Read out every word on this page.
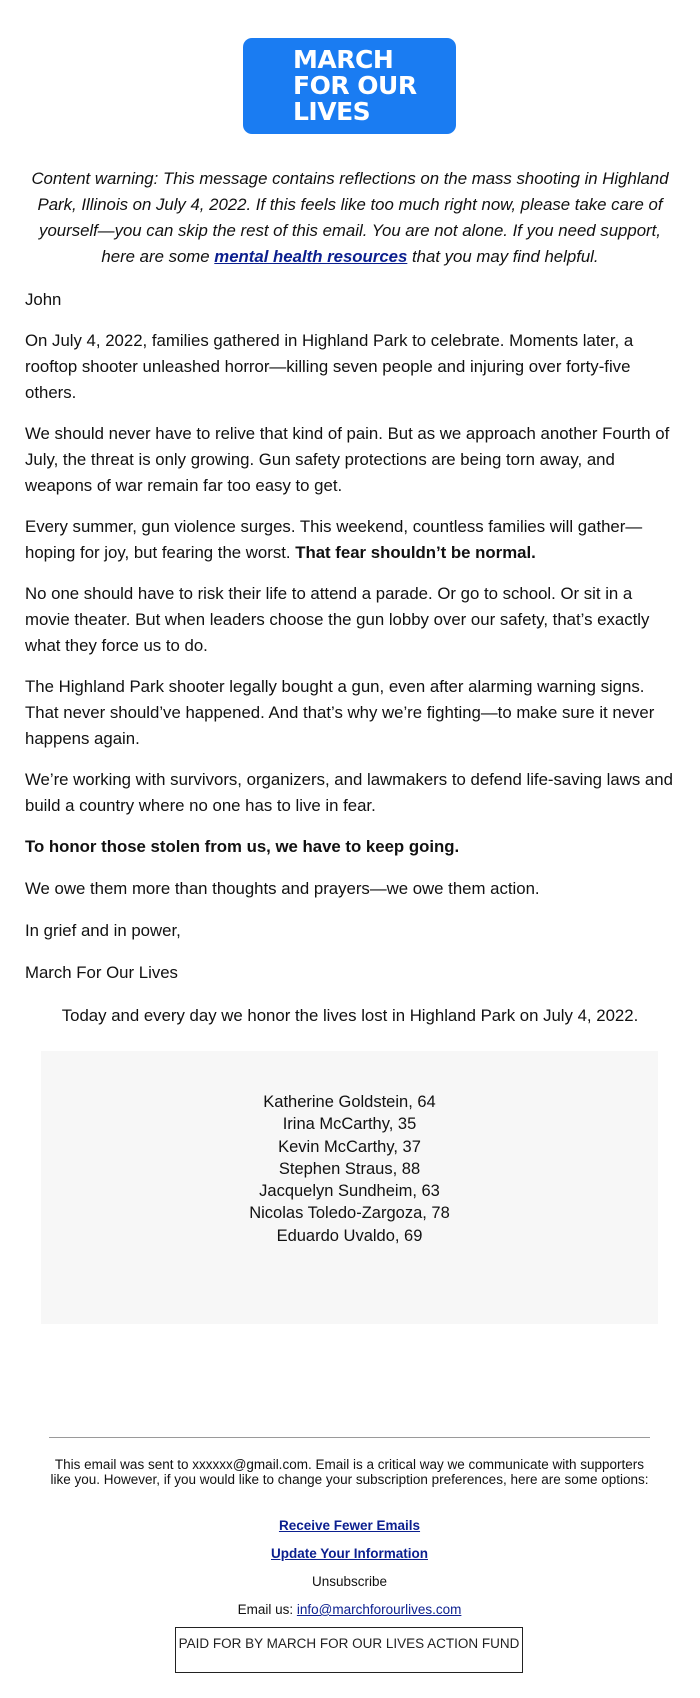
MARCH
FOR OUR
LIVES
Content warning: This message contains reflections on the mass shooting in Highland Park, Illinois on July 4, 2022. If this feels like too much right now, please take care of yourself—you can skip the rest of this email. You are not alone. If you need support, here are some mental health resources that you may find helpful.
John
On July 4, 2022, families gathered in Highland Park to celebrate. Moments later, a rooftop shooter unleashed horror—killing seven people and injuring over forty-five others.
We should never have to relive that kind of pain. But as we approach another Fourth of July, the threat is only growing. Gun safety protections are being torn away, and weapons of war remain far too easy to get.
Every summer, gun violence surges. This weekend, countless families will gather—hoping for joy, but fearing the worst. That fear shouldn’t be normal.
No one should have to risk their life to attend a parade. Or go to school. Or sit in a movie theater. But when leaders choose the gun lobby over our safety, that’s exactly what they force us to do.
The Highland Park shooter legally bought a gun, even after alarming warning signs. That never should’ve happened. And that’s why we’re fighting—to make sure it never happens again.
We’re working with survivors, organizers, and lawmakers to defend life-saving laws and build a country where no one has to live in fear.
To honor those stolen from us, we have to keep going.
We owe them more than thoughts and prayers—we owe them action.
In grief and in power,
March For Our Lives
Today and every day we honor the lives lost in Highland Park on July 4, 2022.
Katherine Goldstein, 64
Irina McCarthy, 35
Kevin McCarthy, 37
Stephen Straus, 88
Jacquelyn Sundheim, 63
Nicolas Toledo-Zargoza, 78
Eduardo Uvaldo, 69
This email was sent to xxxxxx@gmail.com. Email is a critical way we communicate with supporters like you. However, if you would like to change your subscription preferences, here are some options:
Receive Fewer Emails
Update Your Information
Unsubscribe
Email us: info@marchforourlives.com
PAID FOR BY MARCH FOR OUR LIVES ACTION FUND
